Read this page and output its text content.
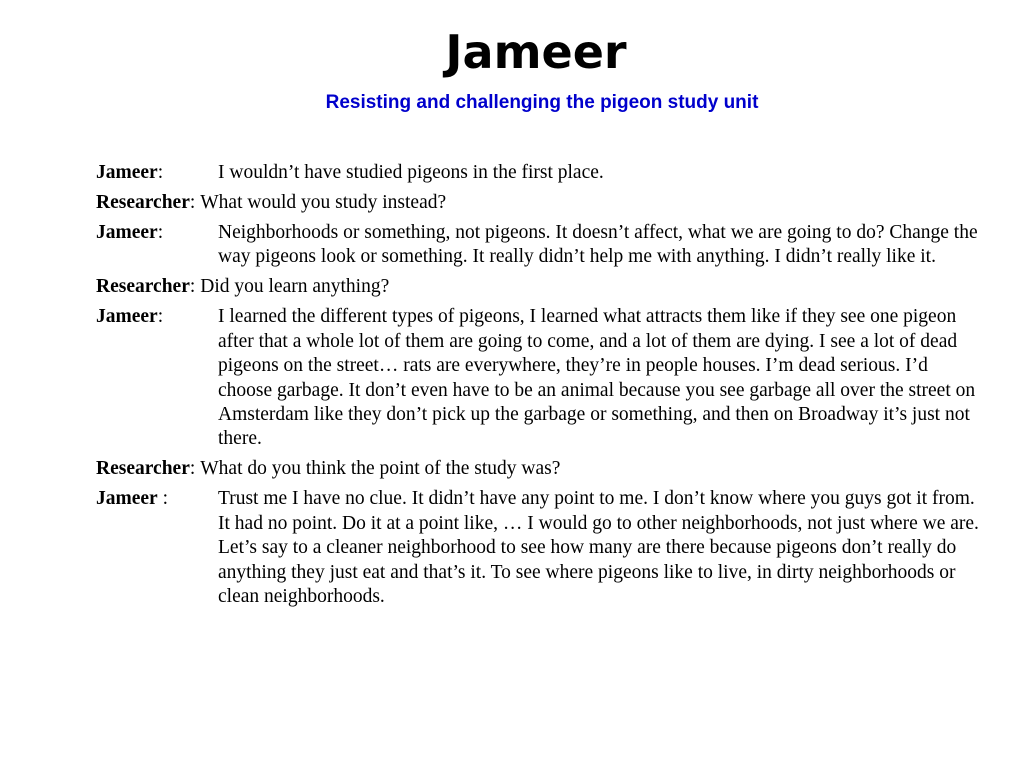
Jameer
Resisting and challenging the pigeon study unit
Jameer:	I wouldn’t have studied pigeons in the first place.
Researcher: What would you study instead?
Jameer:	Neighborhoods or something, not pigeons. It doesn’t affect, what we are going to do? Change the way pigeons look or something. It really didn’t help me with anything. I didn’t really like it.
Researcher: Did you learn anything?
Jameer:	I learned the different types of pigeons, I learned what attracts them like if they see one pigeon after that a whole lot of them are going to come, and a lot of them are dying. I see a lot of dead pigeons on the street… rats are everywhere, they’re in people houses. I’m dead serious. I’d choose garbage. It don’t even have to be an animal because you see garbage all over the street on Amsterdam like they don’t pick up the garbage or something, and then on Broadway it’s just not there.
Researcher: What do you think the point of the study was?
Jameer :	Trust me I have no clue. It didn’t have any point to me. I don’t know where you guys got it from. It had no point. Do it at a point like, … I would go to other neighborhoods, not just where we are. Let’s say to a cleaner neighborhood to see how many are there because pigeons don’t really do anything they just eat and that’s it. To see where pigeons like to live, in dirty neighborhoods or clean neighborhoods.
